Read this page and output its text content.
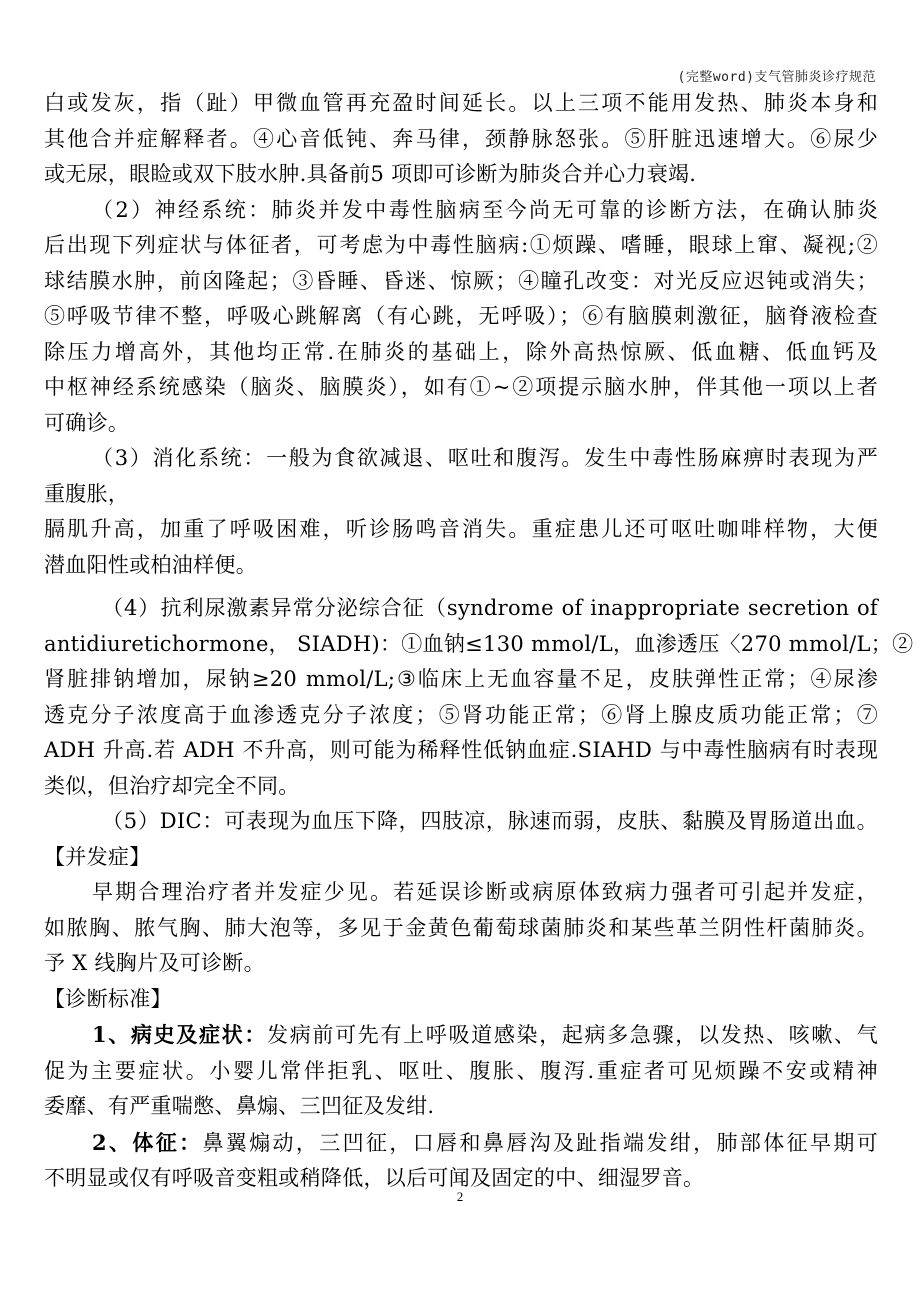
(完整word)支气管肺炎诊疗规范
白或发灰，指（趾）甲微血管再充盈时间延长。以上三项不能用发热、肺炎本身和
其他合并症解释者。④心音低钝、奔马律，颈静脉怒张。⑤肝脏迅速增大。⑥尿少
或无尿，眼睑或双下肢水肿.具备前5 项即可诊断为肺炎合并心力衰竭.
（2）神经系统：肺炎并发中毒性脑病至今尚无可靠的诊断方法，在确认肺炎
后出现下列症状与体征者，可考虑为中毒性脑病:①烦躁、嗜睡，眼球上窜、凝视;②
球结膜水肿，前囟隆起；③昏睡、昏迷、惊厥；④瞳孔改变：对光反应迟钝或消失；
⑤呼吸节律不整，呼吸心跳解离（有心跳，无呼吸）；⑥有脑膜刺激征，脑脊液检查
除压力增高外，其他均正常.在肺炎的基础上，除外高热惊厥、低血糖、低血钙及
中枢神经系统感染（脑炎、脑膜炎），如有①~②项提示脑水肿，伴其他一项以上者
可确诊。
（3）消化系统：一般为食欲减退、呕吐和腹泻。发生中毒性肠麻痹时表现为严
重腹胀，
膈肌升高，加重了呼吸困难，听诊肠鸣音消失。重症患儿还可呕吐咖啡样物，大便
潜血阳性或柏油样便。
（4）抗利尿激素异常分泌综合征（syndrome of inappropriate secretion of
antidiuretichormone， SIADH)：①血钠≤130 mmol/L，血渗透压〈270 mmol/L；②
肾脏排钠增加，尿钠≥20 mmol/L;③临床上无血容量不足，皮肤弹性正常；④尿渗
透克分子浓度高于血渗透克分子浓度；⑤肾功能正常；⑥肾上腺皮质功能正常；⑦
ADH 升高.若 ADH 不升高，则可能为稀释性低钠血症.SIAHD 与中毒性脑病有时表现
类似，但治疗却完全不同。
（5）DIC：可表现为血压下降，四肢凉，脉速而弱，皮肤、黏膜及胃肠道出血。
【并发症】
早期合理治疗者并发症少见。若延误诊断或病原体致病力强者可引起并发症，
如脓胸、脓气胸、肺大泡等，多见于金黄色葡萄球菌肺炎和某些革兰阴性杆菌肺炎。
予 X 线胸片及可诊断。
【诊断标准】
1、病史及症状：发病前可先有上呼吸道感染，起病多急骤，以发热、咳嗽、气
促为主要症状。小婴儿常伴拒乳、呕吐、腹胀、腹泻.重症者可见烦躁不安或精神
委靡、有严重喘憋、鼻煽、三凹征及发绀.
2、体征：鼻翼煽动，三凹征，口唇和鼻唇沟及趾指端发绀，肺部体征早期可
不明显或仅有呼吸音变粗或稍降低，以后可闻及固定的中、细湿罗音。
2
